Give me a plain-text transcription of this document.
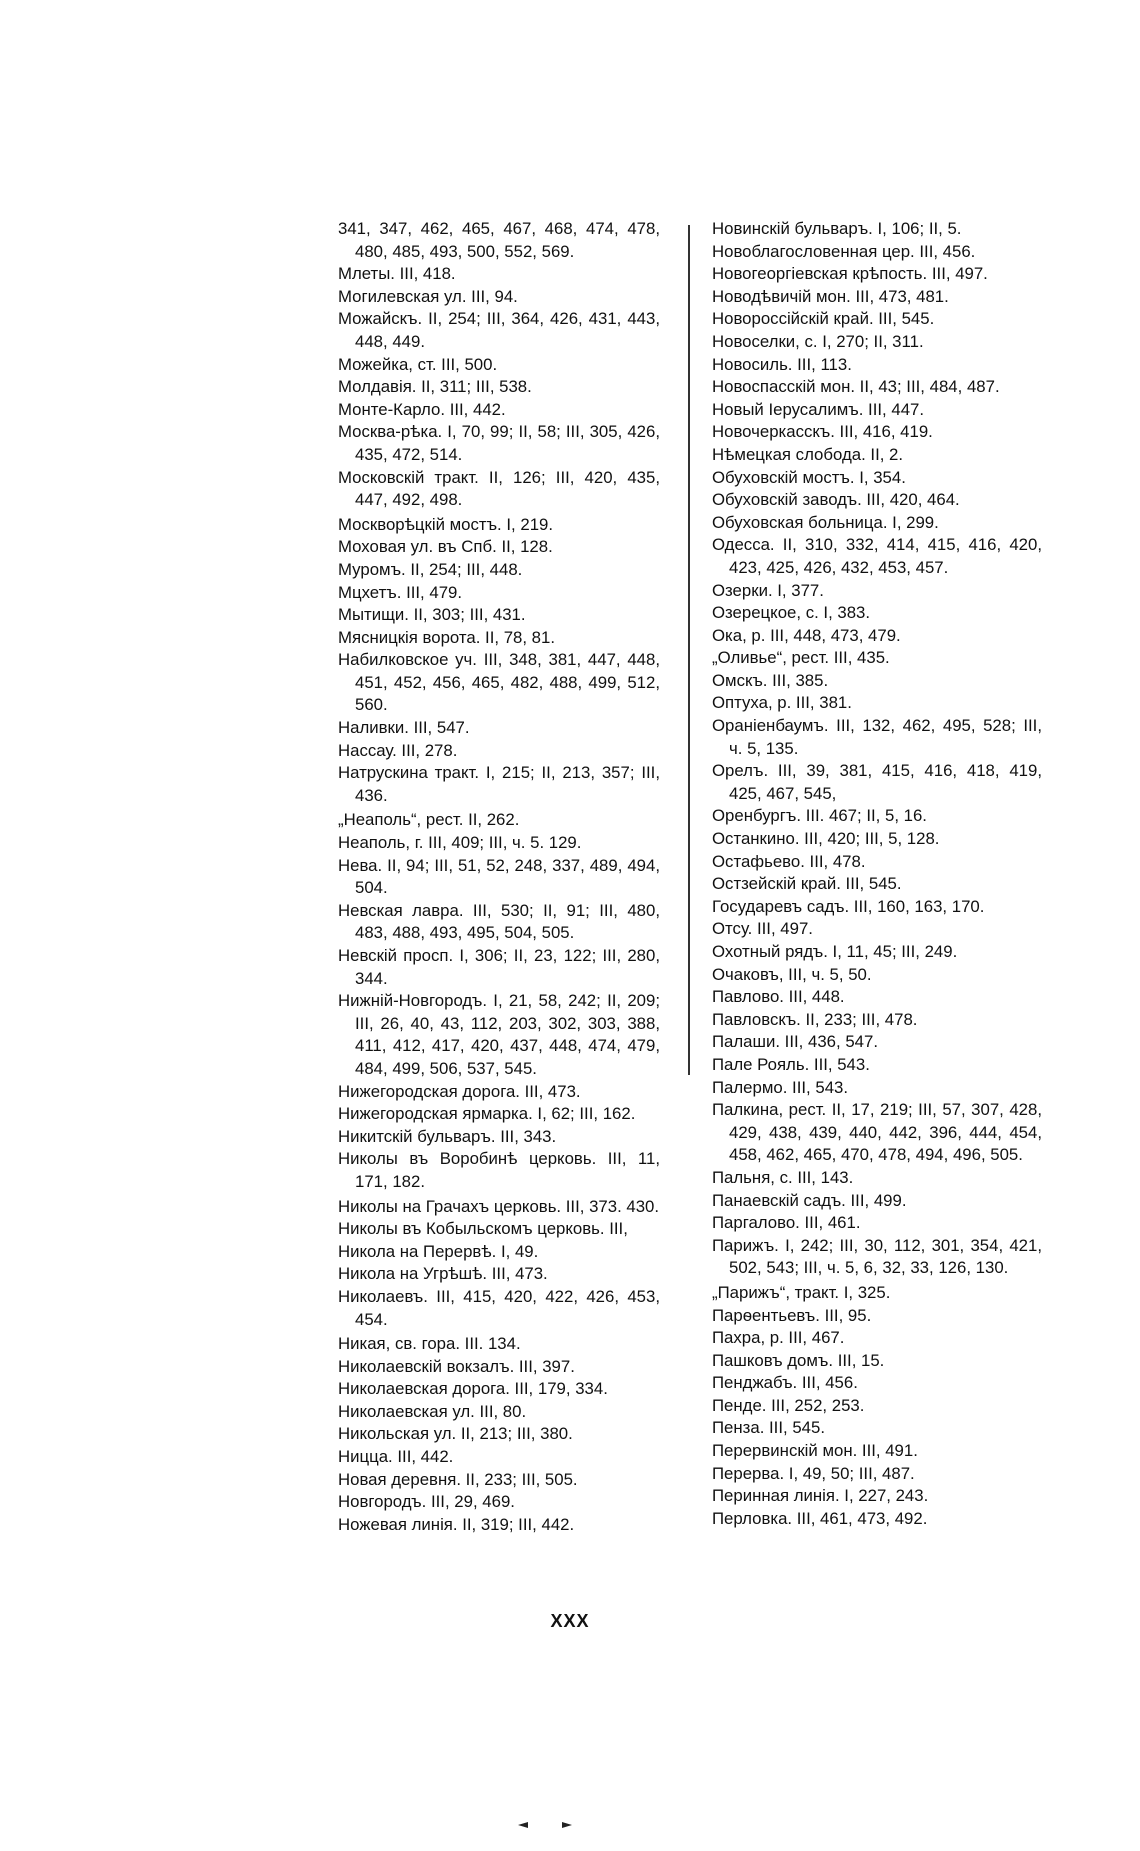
341, 347, 462, 465, 467, 468, 474, 478, 480, 485, 493, 500, 552, 569.
Млеты. III, 418.
Могилевская ул. III, 94.
Можайскъ. II, 254; III, 364, 426, 431, 443, 448, 449.
Можейка, ст. III, 500.
Молдавія. II, 311; III, 538.
Монте-Карло. III, 442.
Москва-рѣка. I, 70, 99; II, 58; III, 305, 426, 435, 472, 514.
Московскій тракт. II, 126; III, 420, 435, 447, 492, 498.
Москворѣцкій мостъ. I, 219.
Моховая ул. въ Спб. II, 128.
Муромъ. II, 254; III, 448.
Мцхетъ. III, 479.
Мытищи. II, 303; III, 431.
Мясницкія ворота. II, 78, 81.
Набилковское уч. III, 348, 381, 447, 448, 451, 452, 456, 465, 482, 488, 499, 512, 560.
Наливки. III, 547.
Нассау. III, 278.
Натрускина тракт. I, 215; II, 213, 357; III, 436.
„Неаполь“, рест. II, 262.
Неаполь, г. III, 409; III, ч. 5. 129.
Нева. II, 94; III, 51, 52, 248, 337, 489, 494, 504.
Невская лавра. III, 530; II, 91; III, 480, 483, 488, 493, 495, 504, 505.
Невскій просп. I, 306; II, 23, 122; III, 280, 344.
Нижній-Новгородъ. I, 21, 58, 242; II, 209; III, 26, 40, 43, 112, 203, 302, 303, 388, 411, 412, 417, 420, 437, 448, 474, 479, 484, 499, 506, 537, 545.
Нижегородская дорога. III, 473.
Нижегородская ярмарка. I, 62; III, 162.
Никитскій бульваръ. III, 343.
Николы въ Воробинѣ церковь. III, 11, 171, 182.
Николы на Грачахъ церковь. III, 373. 430.
Николы въ Кобыльскомъ церковь. III,
Никола на Перервѣ. I, 49.
Никола на Угрѣшѣ. III, 473.
Николаевъ. III, 415, 420, 422, 426, 453, 454.
Никая, св. гора. III. 134.
Николаевскій вокзалъ. III, 397.
Николаевская дорога. III, 179, 334.
Николаевская ул. III, 80.
Никольская ул. II, 213; III, 380.
Ницца. III, 442.
Новая деревня. II, 233; III, 505.
Новгородъ. III, 29, 469.
Ножевая линія. II, 319; III, 442.
Новинскій бульваръ. I, 106; II, 5.
Новоблагословенная цер. III, 456.
Новогеоргіевская крѣпость. III, 497.
Новодѣвичій мон. III, 473, 481.
Новороссійскій край. III, 545.
Новоселки, с. I, 270; II, 311.
Новосиль. III, 113.
Новоспасскій мон. II, 43; III, 484, 487.
Новый Іерусалимъ. III, 447.
Новочеркасскъ. III, 416, 419.
Нѣмецкая слобода. II, 2.
Обуховскій мостъ. I, 354.
Обуховскій заводъ. III, 420, 464.
Обуховская больница. I, 299.
Одесса. II, 310, 332, 414, 415, 416, 420, 423, 425, 426, 432, 453, 457.
Озерки. I, 377.
Озерецкое, с. I, 383.
Ока, р. III, 448, 473, 479.
„Оливье“, рест. III, 435.
Омскъ. III, 385.
Оптуха, р. III, 381.
Ораніенбаумъ. III, 132, 462, 495, 528; III, ч. 5, 135.
Орелъ. III, 39, 381, 415, 416, 418, 419, 425, 467, 545,
Оренбургъ. III. 467; II, 5, 16.
Останкино. III, 420; III, 5, 128.
Остафьево. III, 478.
Остзейскій край. III, 545.
Государевъ садъ. III, 160, 163, 170.
Отсу. III, 497.
Охотный рядъ. I, 11, 45; III, 249.
Очаковъ, III, ч. 5, 50.
Павлово. III, 448.
Павловскъ. II, 233; III, 478.
Палаши. III, 436, 547.
Пале Рояль. III, 543.
Палермо. III, 543.
Палкина, рест. II, 17, 219; III, 57, 307, 428, 429, 438, 439, 440, 442, 396, 444, 454, 458, 462, 465, 470, 478, 494, 496, 505.
Пальня, с. III, 143.
Панаевскій садъ. III, 499.
Паргалово. III, 461.
Парижъ. I, 242; III, 30, 112, 301, 354, 421, 502, 543; III, ч. 5, 6, 32, 33, 126, 130.
„Парижъ“, тракт. I, 325.
Парѳентьевъ. III, 95.
Пахра, р. III, 467.
Пашковъ домъ. III, 15.
Пенджабъ. III, 456.
Пенде. III, 252, 253.
Пенза. III, 545.
Перервинскій мон. III, 491.
Перерва. I, 49, 50; III, 487.
Перинная линія. I, 227, 243.
Перловка. III, 461, 473, 492.
XXX
